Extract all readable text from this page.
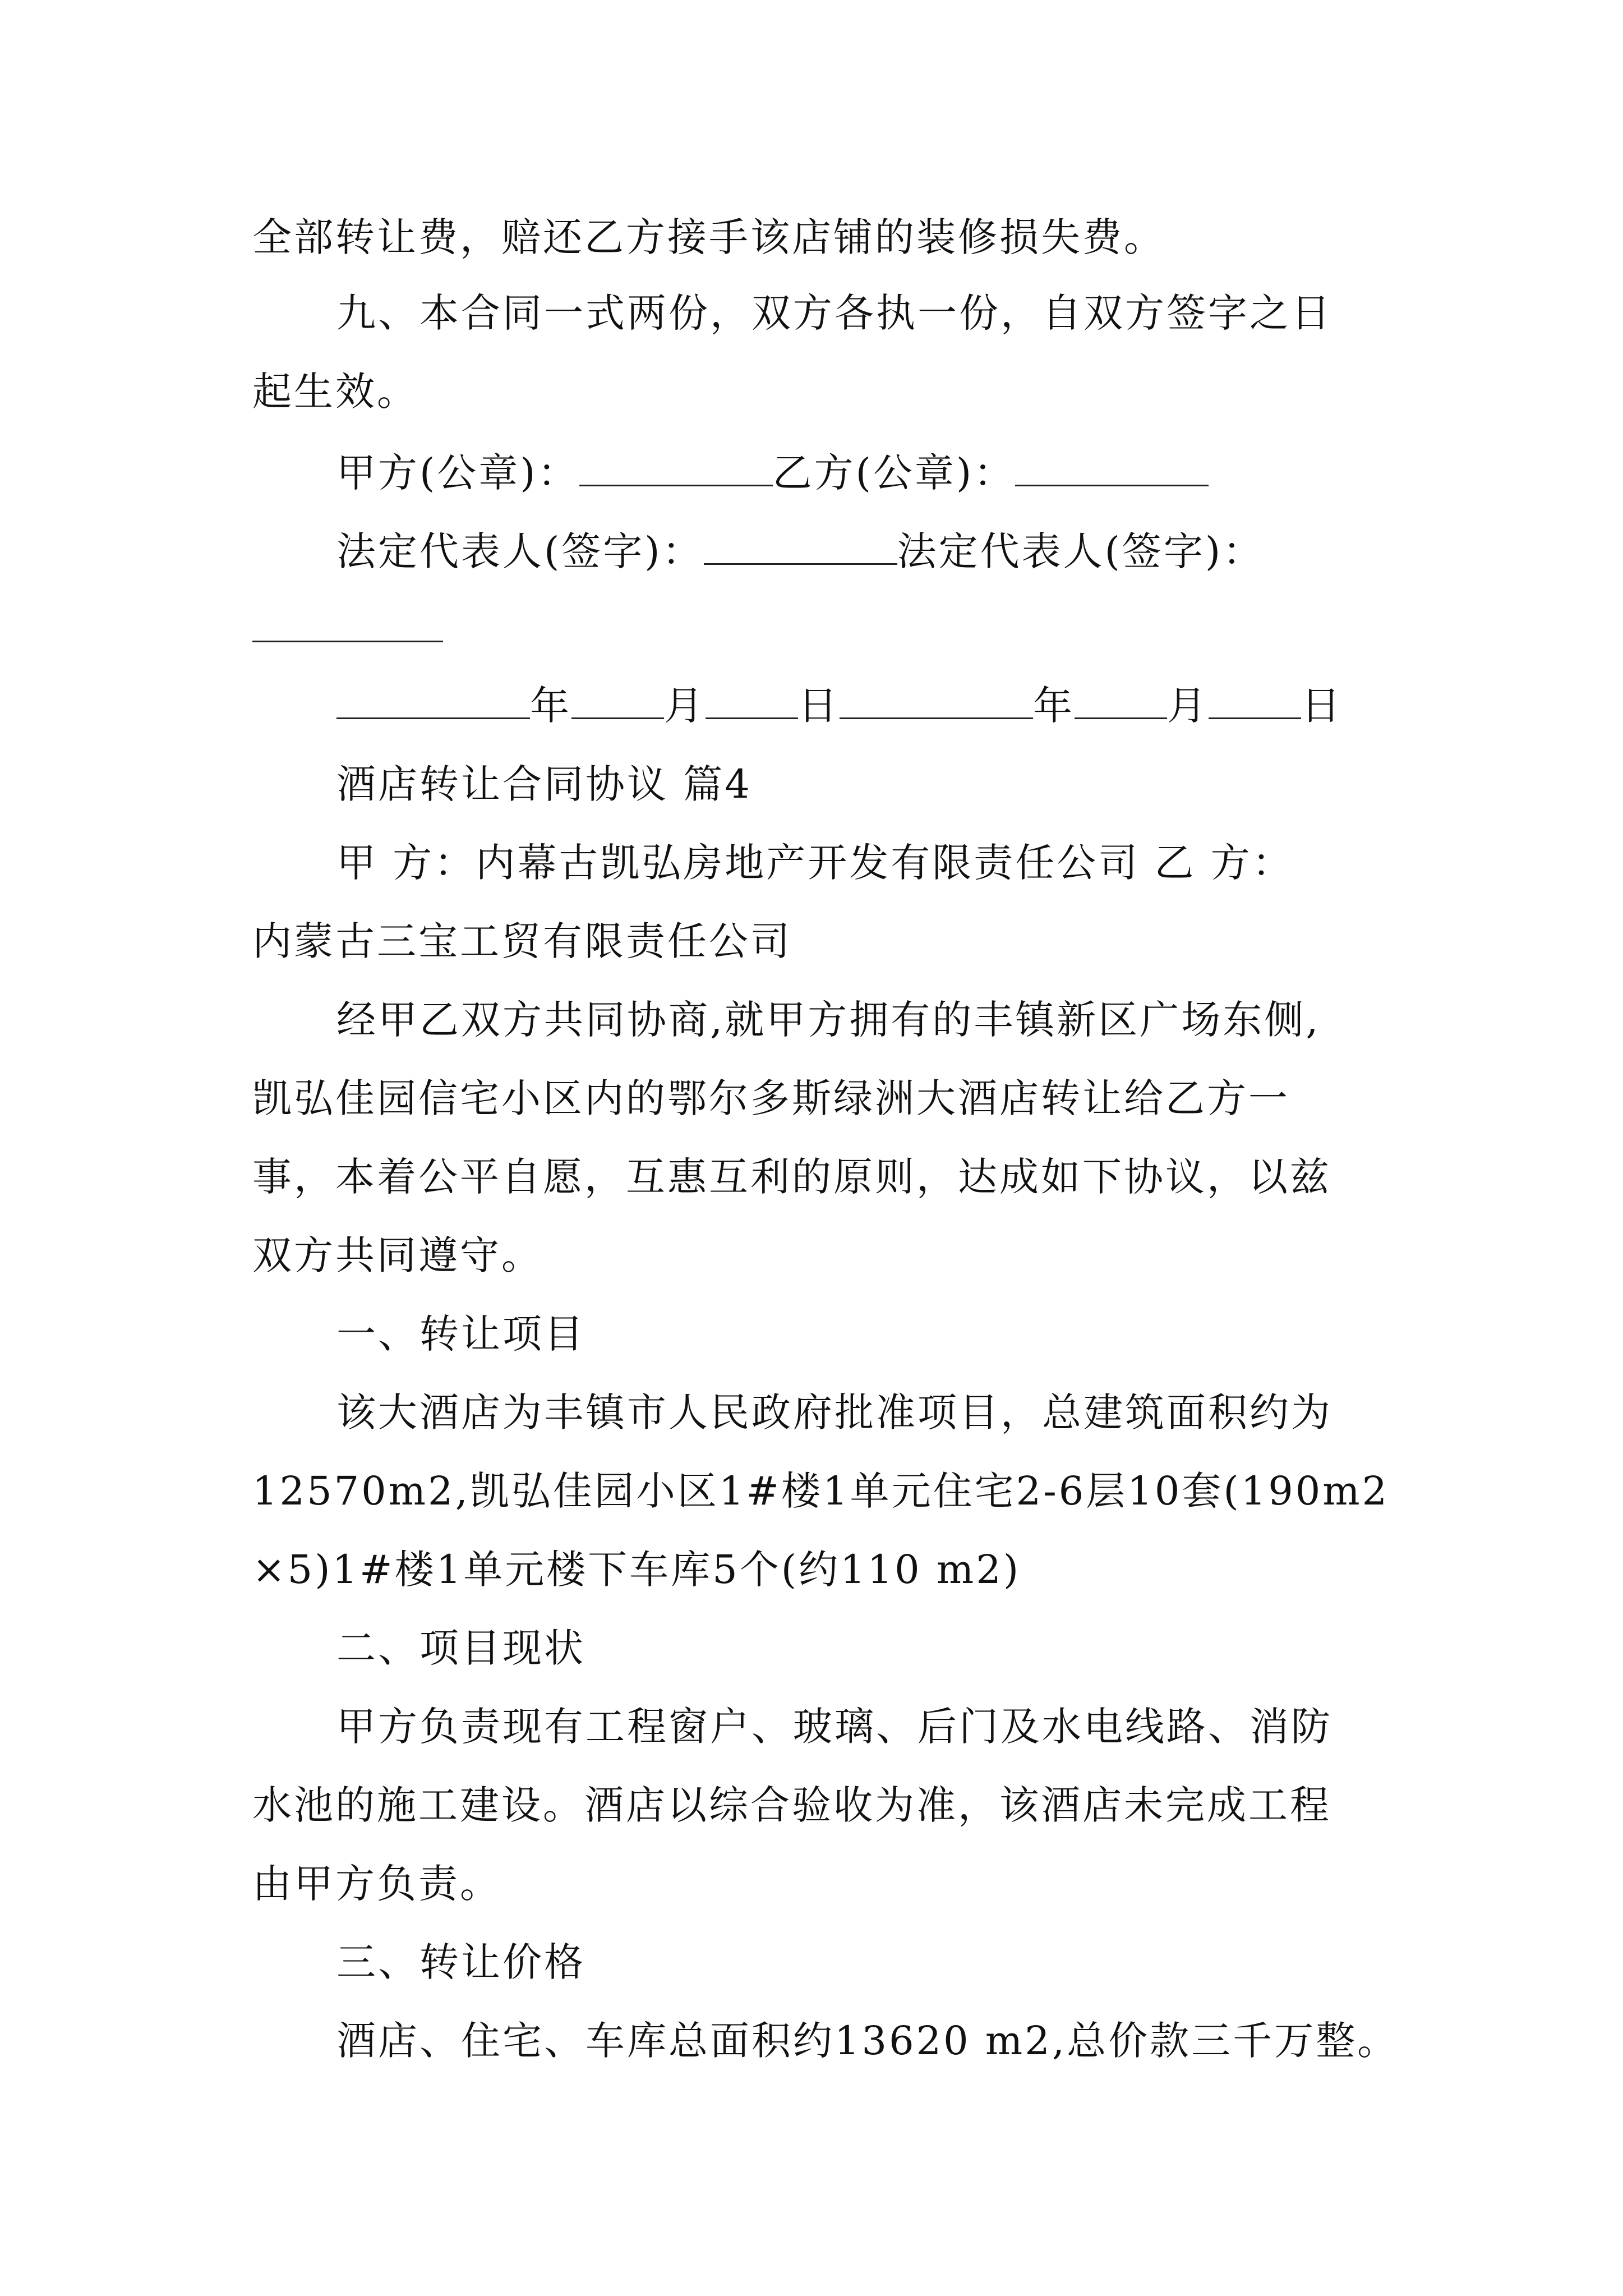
全部转让费，赔还乙方接手该店铺的装修损失费。
九、本合同一式两份，双方各执一份，自双方签字之日
起生效。
甲方(公章)：	乙方(公章)：
法定代表人(签字)：	法定代表人(签字)：
年 月 日	年 月 日
酒店转让合同协议 篇4
甲 方：内幕古凯弘房地产开发有限责任公司 乙 方：
内蒙古三宝工贸有限责任公司
经甲乙双方共同协商,就甲方拥有的丰镇新区广场东侧,
凯弘佳园信宅小区内的鄂尔多斯绿洲大酒店转让给乙方一
事，本着公平自愿，互惠互利的原则，达成如下协议，以兹
双方共同遵守。
一、转让项目
该大酒店为丰镇市人民政府批准项目，总建筑面积约为
12570m2,凯弘佳园小区1#楼1单元住宅2-6层10套(190m2
×5)1#楼1单元楼下车库5个(约110 m2)
二、项目现状
甲方负责现有工程窗户、玻璃、后门及水电线路、消防
水池的施工建设。酒店以综合验收为准，该酒店未完成工程
由甲方负责。
三、转让价格
酒店、住宅、车库总面积约13620 m2,总价款三千万整。
